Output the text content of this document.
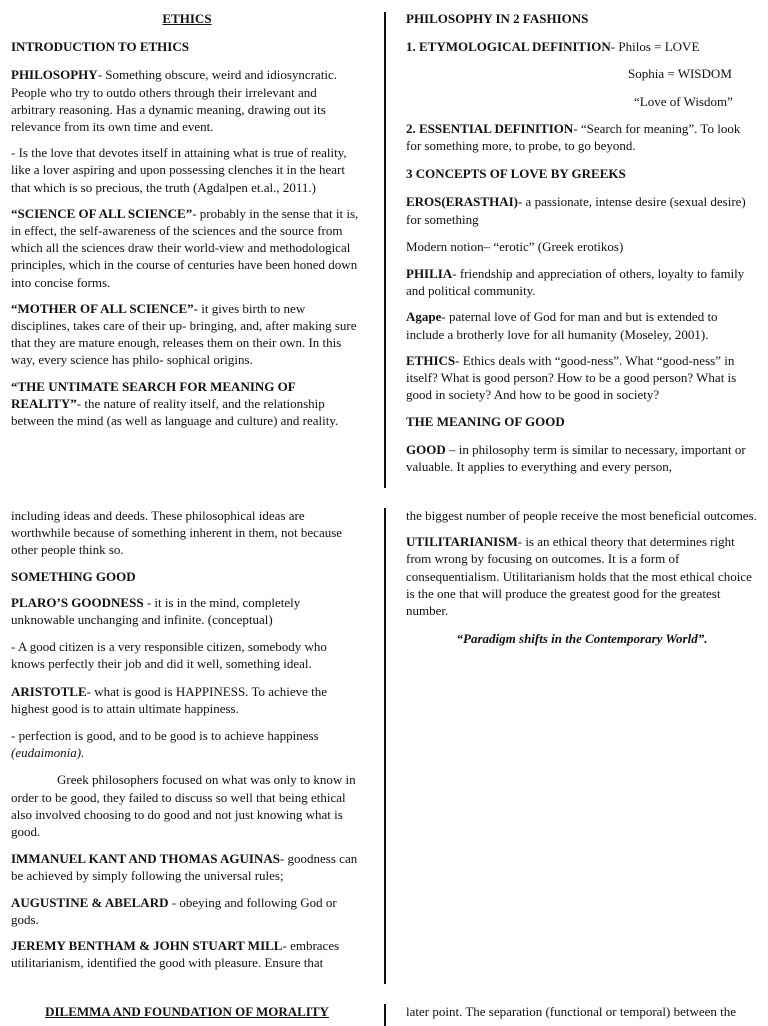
ETHICS
INTRODUCTION TO ETHICS

PHILOSOPHY- Something obscure, weird and idiosyncratic. People who try to outdo others through their irrelevant and arbitrary reasoning. Has a dynamic meaning, drawing out its relevance from its own time and event.

- Is the love that devotes itself in attaining what is true of reality, like a lover aspiring and upon possessing clenches it in the heart that which is so precious, the truth (Agdalpen et.al., 2011.)

“SCIENCE OF ALL SCIENCE”- probably in the sense that it is, in effect, the self-awareness of the sciences and the source from which all the sciences draw their world-view and methodological principles, which in the course of centuries have been honed down into concise forms.

“MOTHER OF ALL SCIENCE”- it gives birth to new disciplines, takes care of their up- bringing, and, after making sure that they are mature enough, releases them on their own. In this way, every science has philo- sophical origins.

“THE UNTIMATE SEARCH FOR MEANING OF REALITY”- the nature of reality itself, and the relationship between the mind (as well as language and culture) and reality.

PHILOSOPHY IN 2 FASHIONS

1. ETYMOLOGICAL DEFINITION- Philos = LOVE

Sophia = WISDOM

“Love of Wisdom”

2. ESSENTIAL DEFINITION- “Search for meaning”. To look for something more, to probe, to go beyond.

3 CONCEPTS OF LOVE BY GREEKS

EROS(ERASTHAI)- a passionate, intense desire (sexual desire) for something

Modern notion– “erotic” (Greek erotikos)

PHILIA- friendship and appreciation of others, loyalty to family and political community.

Agape- paternal love of God for man and but is extended to include a brotherly love for all humanity (Moseley, 2001).

ETHICS- Ethics deals with “good-ness”. What “good-ness” in itself? What is good person? How to be a good person? What is good in society? And how to be good in society?

THE MEANING OF GOOD

GOOD – in philosophy term is similar to necessary, important or valuable. It applies to everything and every person,

including ideas and deeds. These philosophical ideas are worthwhile because of something inherent in them, not because other people think so.

SOMETHING GOOD

PLARO’S GOODNESS - it is in the mind, completely unknowable unchanging and infinite. (conceptual)

- A good citizen is a very responsible citizen, somebody who knows perfectly their job and did it well, something ideal.

ARISTOTLE- what is good is HAPPINESS. To achieve the highest good is to attain ultimate happiness.

- perfection is good, and to be good is to achieve happiness
(eudaimonia).

Greek philosophers focused on what was only to know in order to be good, they failed to discuss so well that being ethical also involved choosing to do good and not just knowing what is good.

IMMANUEL KANT AND THOMAS AGUINAS- goodness can be achieved by simply following the universal rules;

AUGUSTINE & ABELARD - obeying and following God or gods.

JEREMY BENTHAM & JOHN STUART MILL- embraces utilitarianism, identified the good with pleasure. Ensure that

the biggest number of people receive the most beneficial outcomes.

UTILITARIANISM- is an ethical theory that determines right from wrong by focusing on outcomes. It is a form of consequentialism. Utilitarianism holds that the most ethical choice is the one that will produce the greatest good for the greatest number.

“Paradigm shifts in the Contemporary World”.

DILEMMA AND FOUNDATION OF MORALITY	later point. The separation (functional or temporal) between the
